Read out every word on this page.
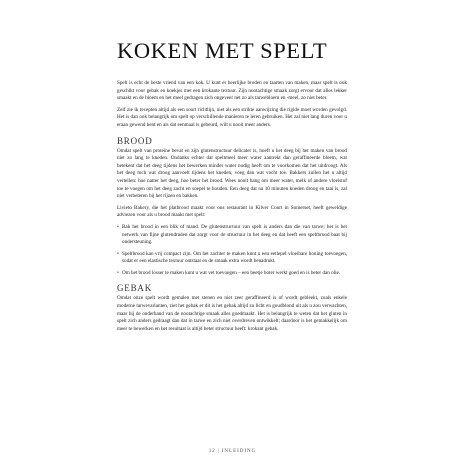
KOKEN MET SPELT

Spelt is echt de beste vriend van een kok. U kunt er heerlijke broden en taarten van maken, maar spelt is ook geschikt voor gebak en koekjes met een krokante textuur. Zijn nootachtige smaak zorgt ervoor dat alles lekker smaakt en de bloem en het meel gedragen zich ongeveer net zo als tarwebloem en -meel, zo niet beter.

Zelf zie ik recepten altijd als een soort richtlijn, niet als een strikte aanwijzing die rigide moet worden gevolgd. Het is dan ook belangrijk om spelt op verschillende manieren te leren gebruiken. Het zal niet lang duren voor u eraan gewend bent en als dat eenmaal is gebeurd, wilt u nooit meer anders.

BROOD

Omdat spelt van proteïne bevat en zijn glutenstructuur delicater is, hoeft u het deeg bij het maken van brood niet zo lang te kneden. Ondanks echter dat speltmeel meer water aantrekt dan geraffineerde bloem, wat betekent dat het deeg tijdens het bewerken minder water nodig heeft om te voorkomen dat het uitdroogt. Als het deeg toch wat droog aanvoelt tijdens het kneden, voeg dan wat vocht toe. Bakkers zullen het u altijd vertellen: hoe natter het deeg, hoe beter het brood. Wees nooit bang om meer water, melk of andere vloeistof toe te voegen om het deeg zacht en soepel te houden. Een deeg dat na 10 minuten kneden droog en taai is, zal niet verbeteren bij het rijzen en bakken.

Livieto Bakery, die het platbrood maakt voor ons restaurant in Kilver Court in Somerset, heeft geweldige adviezen voor als u brood maakt met spelt:

• Bak het brood in een blik of mand. De glutenstructuur van spelt is anders dan die van tarwe; het is het netwerk van fijne glutendraden dat zorgt voor de structuur in het deeg en dat heeft een speltbrood baat bij ondersteuning.
• Speltbrood kan vrij compact zijn. Om het zachter te maken kunt u een eetlepel vloeibare honing toevoegen, sodat er een elastische textuur ontstaat en de smaak extra wordt benadrukt.
• Om het brood losser te maken kunt u wat vet toevoegen – een beetje boter werkt goed en is beter dan olie.
GEBAK

Omdat onze spelt wordt gemalen met stenen en niet zeer geraffineerd is of wordt gebleekt, zoals enkele moderne tarwevarianten, ziet het gebak er dit is het gebak altijd zo licht en goudblond uit als u zou verwachten, maar bij de onderhand van de nootachtige smaak alles goedmaakt. Het is belangrijk te weten dat het gluten in spelt zich anders gedraagt dan dat in tarwe en zich niet overdreven ontwikkelt; daardoor is het gemakkelijk om meer te bewerken en het resultaat is altijd beter structuur heeft: krokant gebak.

12 | INLEIDING
